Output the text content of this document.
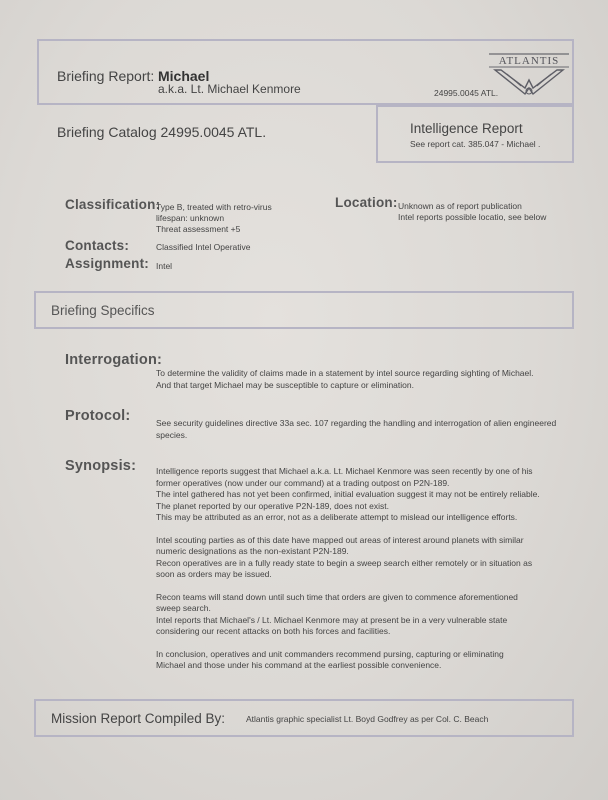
Briefing Report: Michael
a.k.a. Lt. Michael Kenmore	24995.0045 ATL.
ATLANTIS
Briefing Catalog 24995.0045 ATL.	Intelligence Report
See report cat. 385.047 - Michael .
Classification:
Type B, treated with retro-virus
lifespan: unknown
Threat assessment +5
Location: Unknown as of report publication
Intel reports possible locatio, see below
Contacts:	Classified Intel Operative
Assignment: Intel
Briefing Specifics
Interrogation:
To determine the validity of claims made in a statement by intel source regarding sighting of Michael.
And that target Michael may be susceptible to capture or elimination.
Protocol:	See security guidelines directive 33a sec. 107 regarding the handling and interrogation of alien engineered
species.
Synopsis: Intelligence reports suggest that Michael a.k.a. Lt. Michael Kenmore was seen recently by one of his
former operatives (now under our command) at a trading outpost on P2N-189.
The intel gathered has not yet been confirmed, initial evaluation suggest it may not be entirely reliable.
The planet reported by our operative P2N-189, does not exist.
This may be attributed as an error, not as a deliberate attempt to mislead our intelligence efforts.
Intel scouting parties as of this date have mapped out areas of interest around planets with similar
numeric designations as the non-existant P2N-189.
Recon operatives are in a fully ready state to begin a sweep search either remotely or in situation as
soon as orders may be issued.
Recon teams will stand down until such time that orders are given to commence aforementioned
sweep search.
Intel reports that Michael's / Lt. Michael Kenmore may at present be in a very vulnerable state
considering our recent attacks on both his forces and facilities.
In conclusion, operatives and unit commanders recommend pursing, capturing or eliminating
Michael and those under his command at the earliest possible convenience.
Mission Report Compiled By: Atlantis graphic specialist Lt. Boyd Godfrey as per Col. C. Beach
